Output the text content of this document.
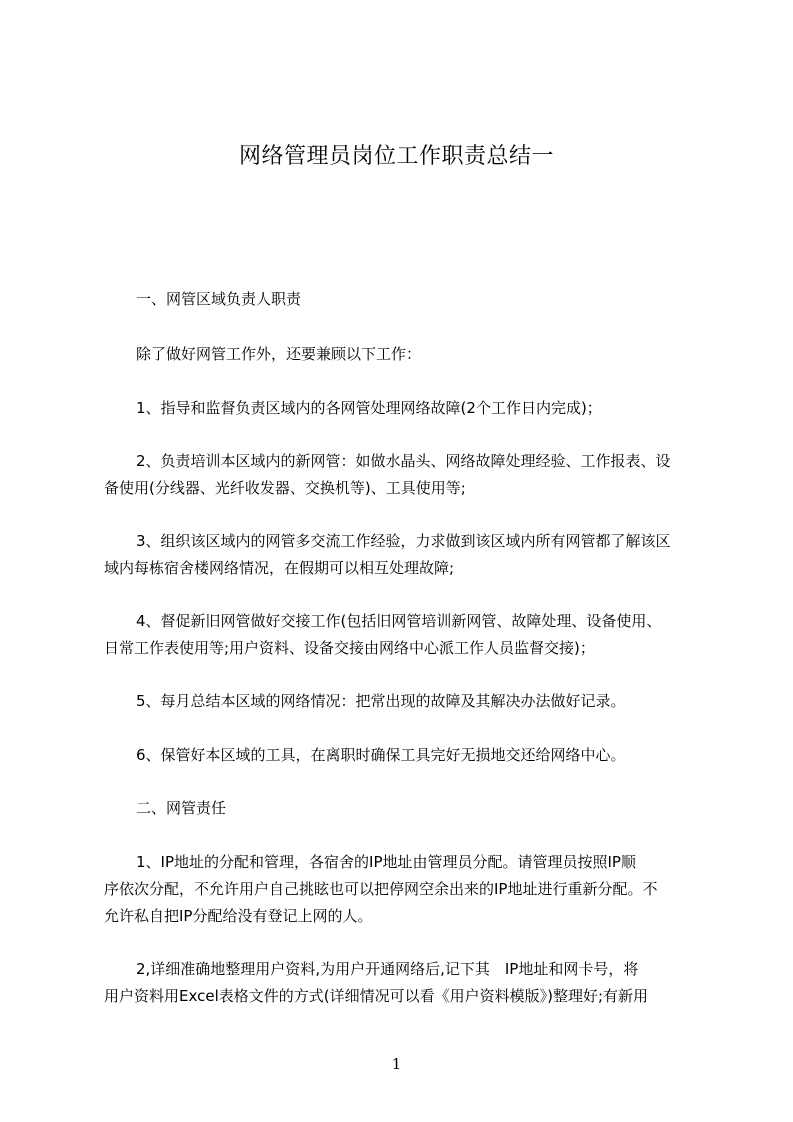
网络管理员岗位工作职责总结一
一、网管区域负责人职责
除了做好网管工作外，还要兼顾以下工作：
1、指导和监督负责区域内的各网管处理网络故障(2个工作日内完成)；
2、负责培训本区域内的新网管：如做水晶头、网络故障处理经验、工作报表、设
备使用(分线器、光纤收发器、交换机等)、工具使用等;
3、组织该区域内的网管多交流工作经验，力求做到该区域内所有网管都了解该区
域内每栋宿舍楼网络情况，在假期可以相互处理故障;
4、督促新旧网管做好交接工作(包括旧网管培训新网管、故障处理、设备使用、
日常工作表使用等;用户资料、设备交接由网络中心派工作人员监督交接)；
5、每月总结本区域的网络情况：把常出现的故障及其解决办法做好记录。
6、保管好本区域的工具，在离职时确保工具完好无损地交还给网络中心。
二、网管责任
1、IP地址的分配和管理，各宿舍的IP地址由管理员分配。请管理员按照IP顺
序依次分配，不允许用户自己挑眩也可以把停网空余出来的IP地址进行重新分配。不
允许私自把IP分配给没有登记上网的人。
2,详细准确地整理用户资料,为用户开通网络后,记下其　IP地址和网卡号，将
用户资料用Excel表格文件的方式(详细情况可以看《用户资料模版》)整理好;有新用
1
